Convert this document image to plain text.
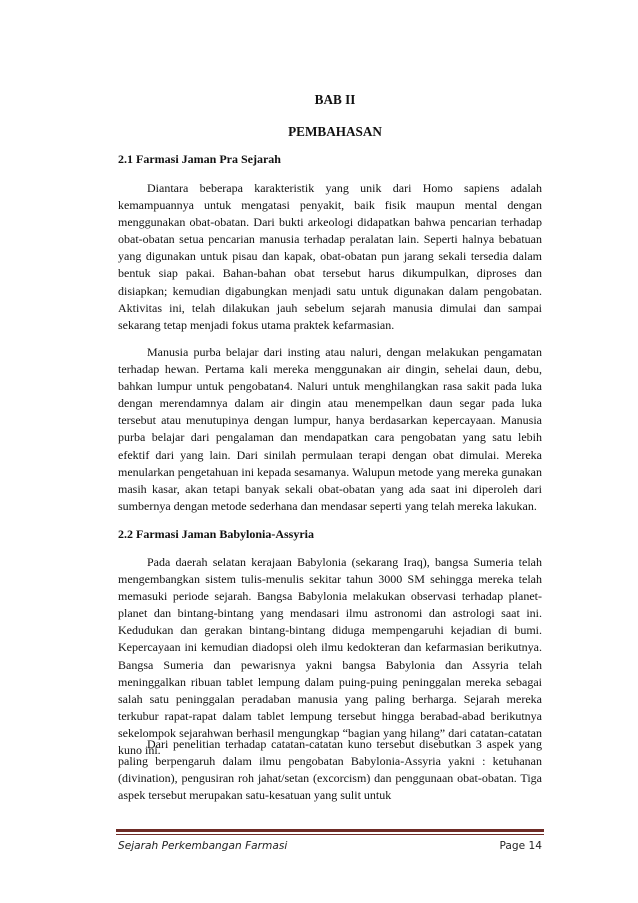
BAB II
PEMBAHASAN
2.1 Farmasi Jaman Pra Sejarah

Diantara beberapa karakteristik yang unik dari Homo sapiens adalah kemampuannya untuk mengatasi penyakit, baik fisik maupun mental dengan menggunakan obat-obatan. Dari bukti arkeologi didapatkan bahwa pencarian terhadap obat-obatan setua pencarian manusia terhadap peralatan lain. Seperti halnya bebatuan yang digunakan untuk pisau dan kapak, obat-obatan pun jarang sekali tersedia dalam bentuk siap pakai. Bahan-bahan obat tersebut harus dikumpulkan, diproses dan disiapkan; kemudian digabungkan menjadi satu untuk digunakan dalam pengobatan. Aktivitas ini, telah dilakukan jauh sebelum sejarah manusia dimulai dan sampai sekarang tetap menjadi fokus utama praktek kefarmasian.

Manusia purba belajar dari insting atau naluri, dengan melakukan pengamatan terhadap hewan. Pertama kali mereka menggunakan air dingin, sehelai daun, debu, bahkan lumpur untuk pengobatan4. Naluri untuk menghilangkan rasa sakit pada luka dengan merendamnya dalam air dingin atau menempelkan daun segar pada luka tersebut atau menutupinya dengan lumpur, hanya berdasarkan kepercayaan. Manusia purba belajar dari pengalaman dan mendapatkan cara pengobatan yang satu lebih efektif dari yang lain. Dari sinilah permulaan terapi dengan obat dimulai. Mereka menularkan pengetahuan ini kepada sesamanya. Walupun metode yang mereka gunakan masih kasar, akan tetapi banyak sekali obat-obatan yang ada saat ini diperoleh dari sumbernya dengan metode sederhana dan mendasar seperti yang telah mereka lakukan.

2.2 Farmasi Jaman Babylonia-Assyria

Pada daerah selatan kerajaan Babylonia (sekarang Iraq), bangsa Sumeria telah mengembangkan sistem tulis-menulis sekitar tahun 3000 SM sehingga mereka telah memasuki periode sejarah. Bangsa Babylonia melakukan observasi terhadap planet-planet dan bintang-bintang yang mendasari ilmu astronomi dan astrologi saat ini. Kedudukan dan gerakan bintang-bintang diduga mempengaruhi kejadian di bumi. Kepercayaan ini kemudian diadopsi oleh ilmu kedokteran dan kefarmasian berikutnya. Bangsa Sumeria dan pewarisnya yakni bangsa Babylonia dan Assyria telah meninggalkan ribuan tablet lempung dalam puing-puing peninggalan mereka sebagai salah satu peninggalan peradaban manusia yang paling berharga. Sejarah mereka terkubur rapat-rapat dalam tablet lempung tersebut hingga berabad-abad berikutnya sekelompok sejarahwan berhasil mengungkap “bagian yang hilang” dari catatan-catatan kuno ini.

Dari penelitian terhadap catatan-catatan kuno tersebut disebutkan 3 aspek yang paling berpengaruh dalam ilmu pengobatan Babylonia-Assyria yakni : ketuhanan (divination), pengusiran roh jahat/setan (excorcism) dan penggunaan obat-obatan. Tiga aspek tersebut merupakan satu-kesatuan yang sulit untuk

Sejarah Perkembangan Farmasi	Page 14
